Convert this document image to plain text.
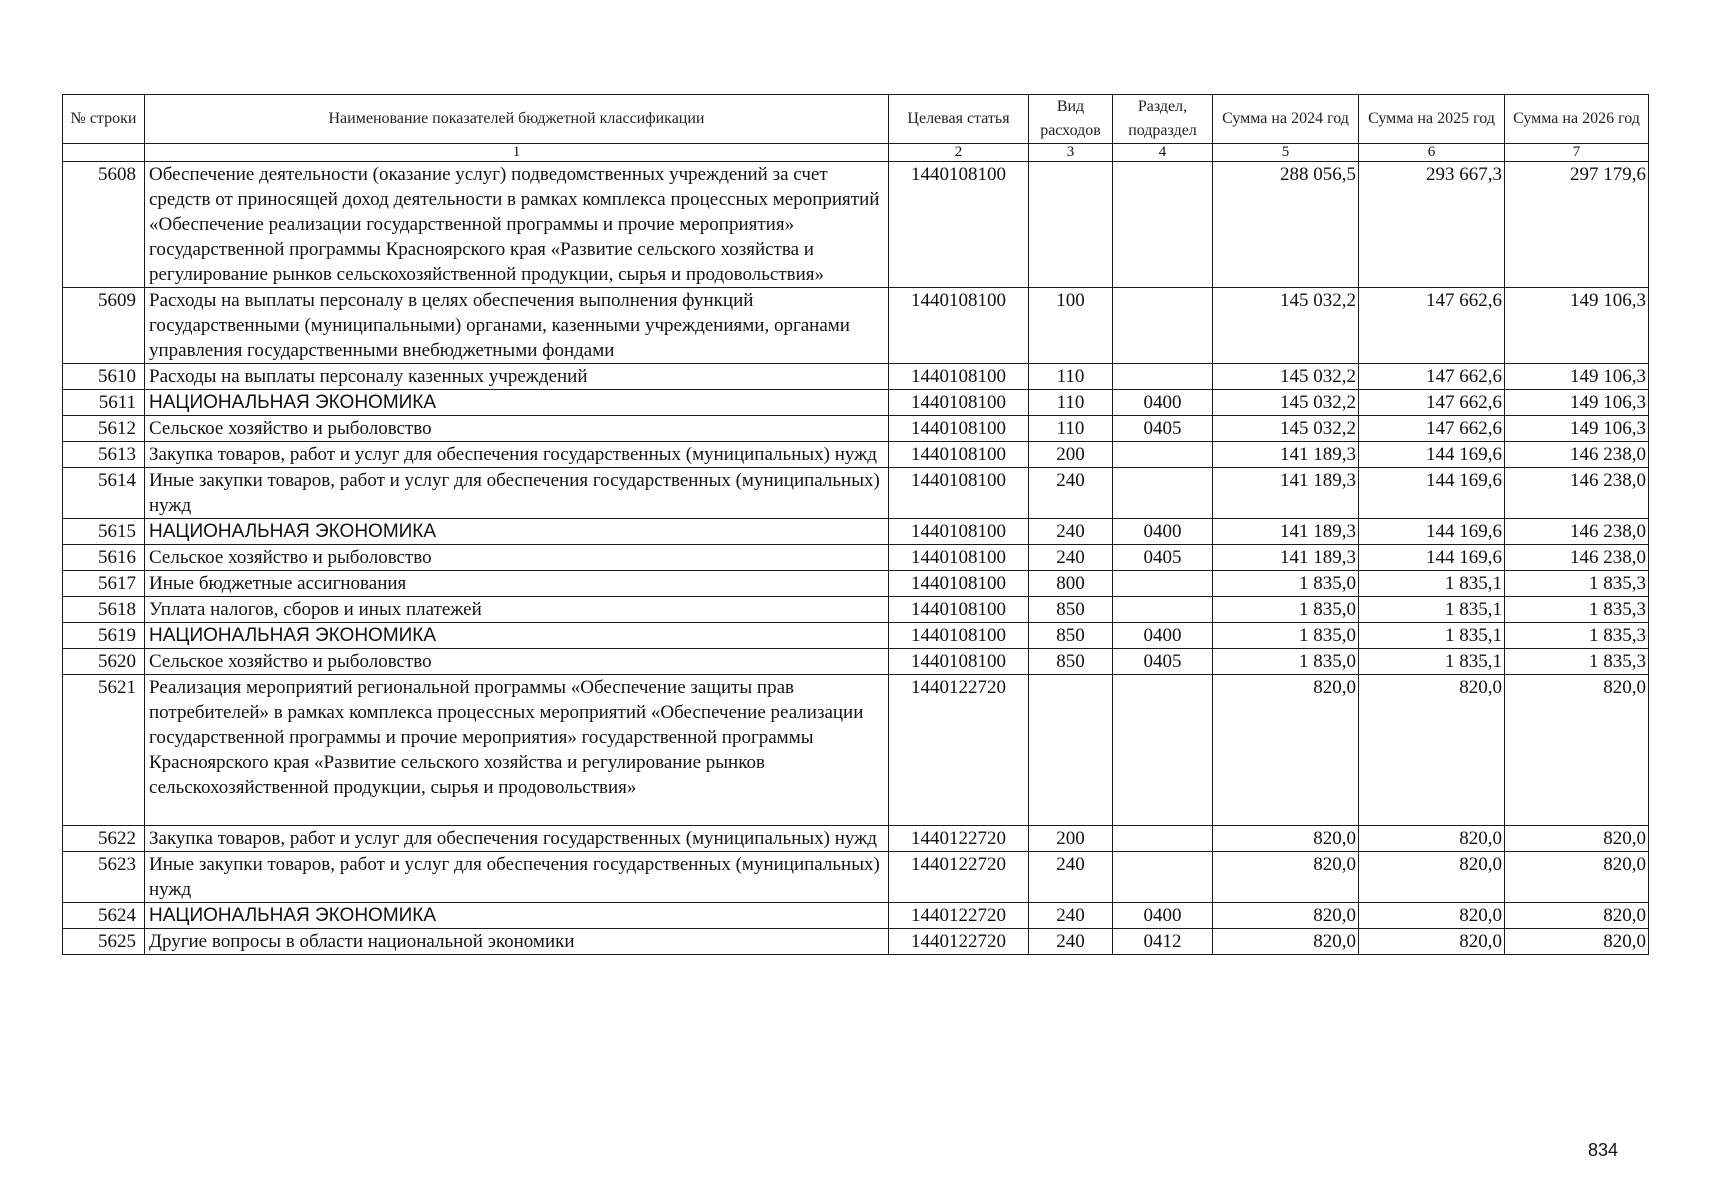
№ строки	Наименование показателей бюджетной классификации	Целевая статья	Вид расходов	Раздел, подраздел	Сумма на 2024 год	Сумма на 2025 год	Сумма на 2026 год
	1	2	3	4	5	6	7
5608	Обеспечение деятельности (оказание услуг) подведомственных учреждений за счет средств от приносящей доход деятельности в рамках комплекса процессных мероприятий «Обеспечение реализации государственной программы и прочие мероприятия» государственной программы Красноярского края «Развитие сельского хозяйства и регулирование рынков сельскохозяйственной продукции, сырья и продовольствия»	1440108100			288 056,5	293 667,3	297 179,6
5609	Расходы на выплаты персоналу в целях обеспечения выполнения функций государственными (муниципальными) органами, казенными учреждениями, органами управления государственными внебюджетными фондами	1440108100	100		145 032,2	147 662,6	149 106,3
5610	Расходы на выплаты персоналу казенных учреждений	1440108100	110		145 032,2	147 662,6	149 106,3
5611	НАЦИОНАЛЬНАЯ ЭКОНОМИКА	1440108100	110	0400	145 032,2	147 662,6	149 106,3
5612	Сельское хозяйство и рыболовство	1440108100	110	0405	145 032,2	147 662,6	149 106,3
5613	Закупка товаров, работ и услуг для обеспечения государственных (муниципальных) нужд	1440108100	200		141 189,3	144 169,6	146 238,0
5614	Иные закупки товаров, работ и услуг для обеспечения государственных (муниципальных) нужд	1440108100	240		141 189,3	144 169,6	146 238,0
5615	НАЦИОНАЛЬНАЯ ЭКОНОМИКА	1440108100	240	0400	141 189,3	144 169,6	146 238,0
5616	Сельское хозяйство и рыболовство	1440108100	240	0405	141 189,3	144 169,6	146 238,0
5617	Иные бюджетные ассигнования	1440108100	800		1 835,0	1 835,1	1 835,3
5618	Уплата налогов, сборов и иных платежей	1440108100	850		1 835,0	1 835,1	1 835,3
5619	НАЦИОНАЛЬНАЯ ЭКОНОМИКА	1440108100	850	0400	1 835,0	1 835,1	1 835,3
5620	Сельское хозяйство и рыболовство	1440108100	850	0405	1 835,0	1 835,1	1 835,3
5621	Реализация мероприятий региональной программы «Обеспечение защиты прав потребителей» в рамках комплекса процессных мероприятий «Обеспечение реализации государственной программы и прочие мероприятия» государственной программы Красноярского края «Развитие сельского хозяйства и регулирование рынков сельскохозяйственной продукции, сырья и продовольствия»	1440122720			820,0	820,0	820,0
5622	Закупка товаров, работ и услуг для обеспечения государственных (муниципальных) нужд	1440122720	200		820,0	820,0	820,0
5623	Иные закупки товаров, работ и услуг для обеспечения государственных (муниципальных) нужд	1440122720	240		820,0	820,0	820,0
5624	НАЦИОНАЛЬНАЯ ЭКОНОМИКА	1440122720	240	0400	820,0	820,0	820,0
5625	Другие вопросы в области национальной экономики	1440122720	240	0412	820,0	820,0	820,0
834
